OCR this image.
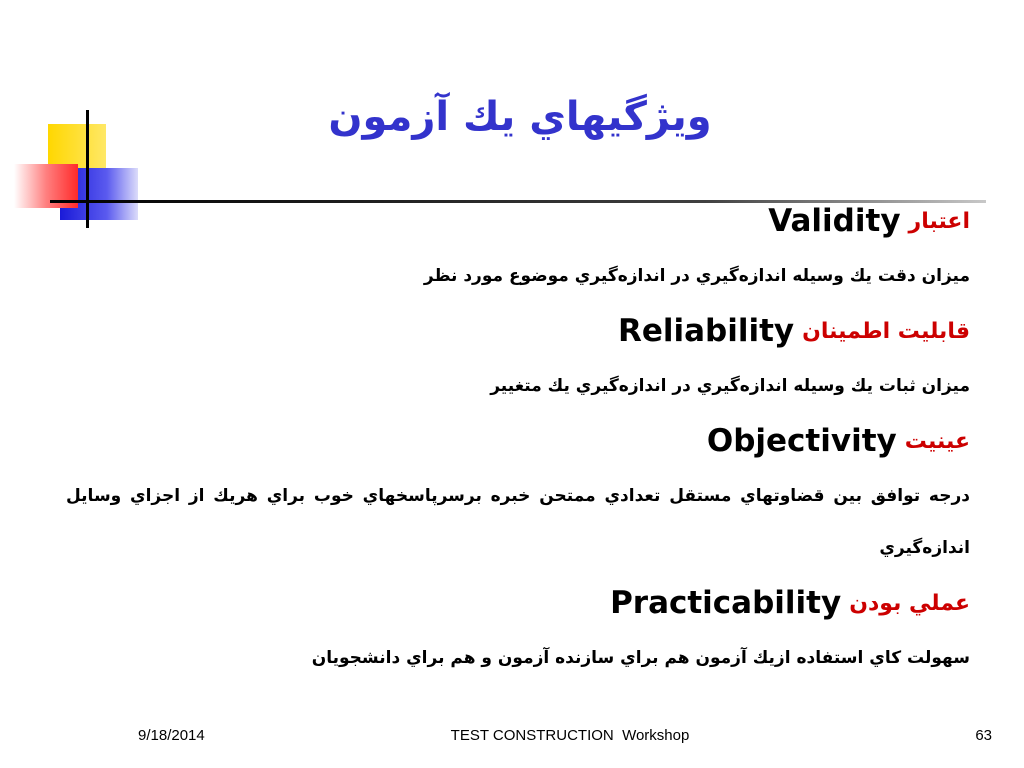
ويژگيهاي يك آزمون
اعتبار
Validity
ميزان دقت يك وسيله اندازه‌گيري در اندازه‌گيري موضوع مورد نظر
قابليت اطمينان
Reliability
ميزان ثبات يك وسيله اندازه‌گيري در اندازه‌گيري يك متغيير
عينيت
Objectivity
درجه توافق بين قضاوتهاي مستقل تعدادي ممتحن خبره برسرپاسخهاي خوب براي هريك از اجزاي وسايل اندازه‌گيري
عملي بودن
Practicability
سهولت كاي استفاده ازيك آزمون هم براي سازنده آزمون و هم براي دانشجويان
9/18/2014	TEST CONSTRUCTION  Workshop	63
